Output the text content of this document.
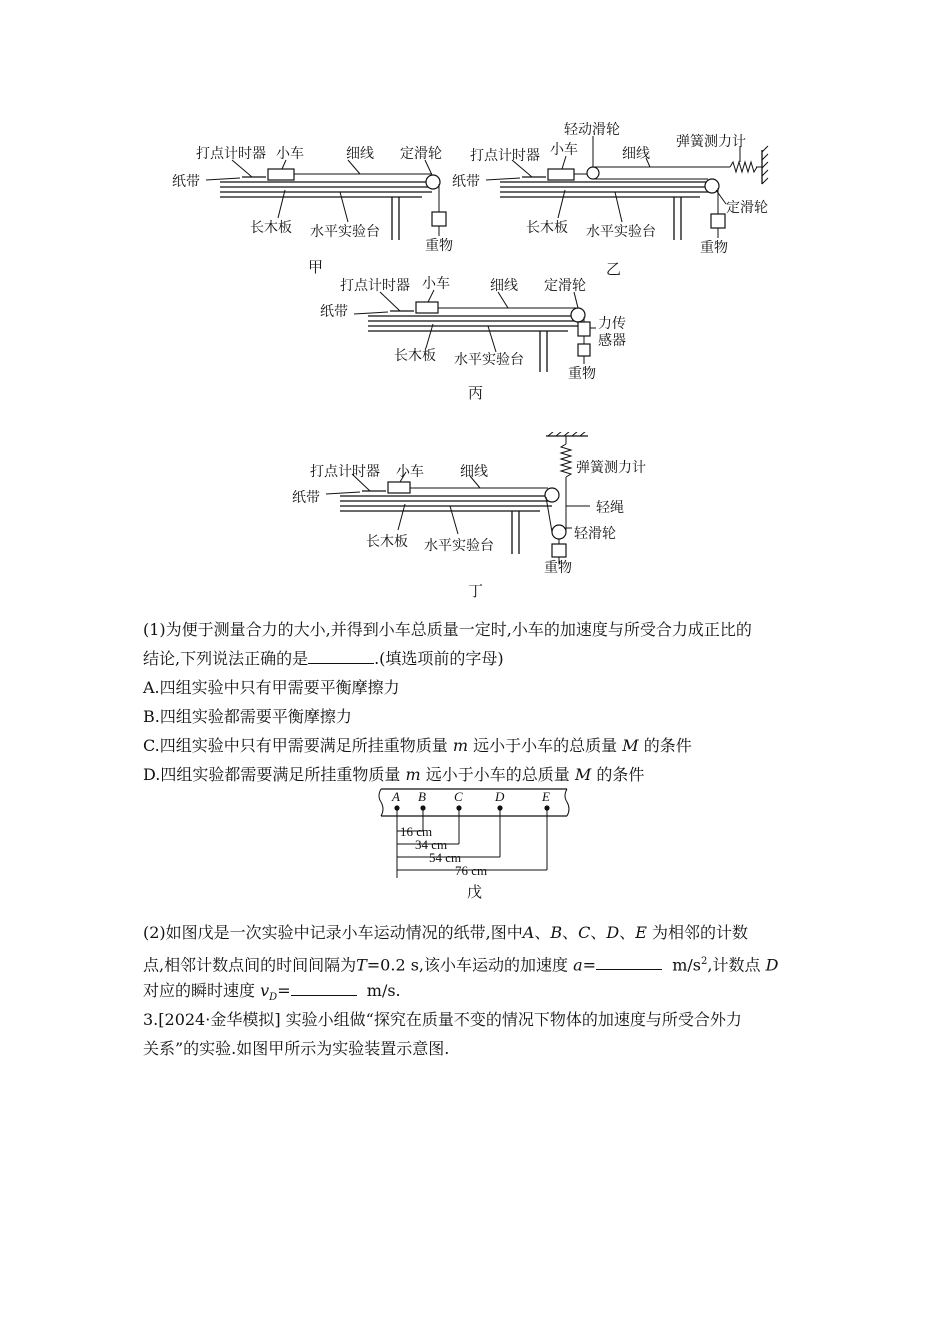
打点计时器 小车	细线 定滑轮
纸带
长木板 水平实验台
重物
甲
轻动滑轮
打点计时器 小车	细线
弹簧测力计
纸带
定滑轮
长木板 水平实验台
重物
乙
打点计时器 小车	细线 定滑轮
纸带
力传
感器
长木板 水平实验台
重物
丙
弹簧测力计
打点计时器 小车	细线
纸带
轻绳
轻滑轮
长木板 水平实验台
重物
丁
(1)为便于测量合力的大小,并得到小车总质量一定时,小车的加速度与所受合力成正比的
结论,下列说法正确的是	.(填选项前的字母)
A.四组实验中只有甲需要平衡摩擦力
B.四组实验都需要平衡摩擦力
C.四组实验中只有甲需要满足所挂重物质量 m 远小于小车的总质量 M 的条件
D.四组实验都需要满足所挂重物质量 m 远小于小车的总质量 M 的条件
A B C D	E
16 cm
34 cm
54 cm
76 cm
戊
(2)如图戊是一次实验中记录小车运动情况的纸带,图中A、B、C、D、E 为相邻的计数
点,相邻计数点间的时间间隔为T=0.2 s,该小车运动的加速度 a=	$m/s^2$,计数点 D
对应的瞬时速度 $v_D=$	m/s.
3.[2024·金华模拟] 实验小组做“探究在质量不变的情况下物体的加速度与所受合外力
关系”的实验.如图甲所示为实验装置示意图.
